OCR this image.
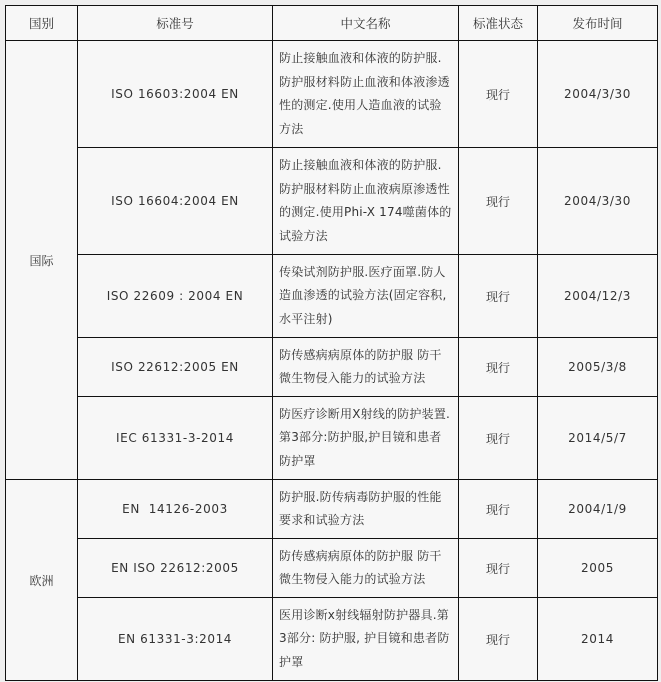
国别	标准号	中文名称	标准状态	发布时间
国际	ISO 16603:2004 EN	防止接触血液和体液的防护服.防护服材料防止血液和体液渗透性的测定.使用人造血液的试验方法	现行	2004/3/30
	ISO 16604:2004 EN	防止接触血液和体液的防护服.防护服材料防止血液病原渗透性的测定.使用Phi-X 174噬菌体的试验方法	现行	2004/3/30
	ISO 22609 : 2004 EN	传染试剂防护服.医疗面罩.防人造血渗透的试验方法(固定容积,水平注射)	现行	2004/12/3
	ISO 22612:2005 EN	防传感病病原体的防护服 防干微生物侵入能力的试验方法	现行	2005/3/8
	IEC 61331-3-2014	防医疗诊断用X射线的防护装置.第3部分:防护服,护目镜和患者防护罩	现行	2014/5/7
欧洲	EN  14126-2003	防护服.防传病毒防护服的性能要求和试验方法	现行	2004/1/9
	EN ISO 22612:2005	防传感病病原体的防护服 防干微生物侵入能力的试验方法	现行	2005
	EN 61331-3:2014	医用诊断x射线辐射防护器具.第3部分: 防护服, 护目镜和患者防护罩	现行	2014
